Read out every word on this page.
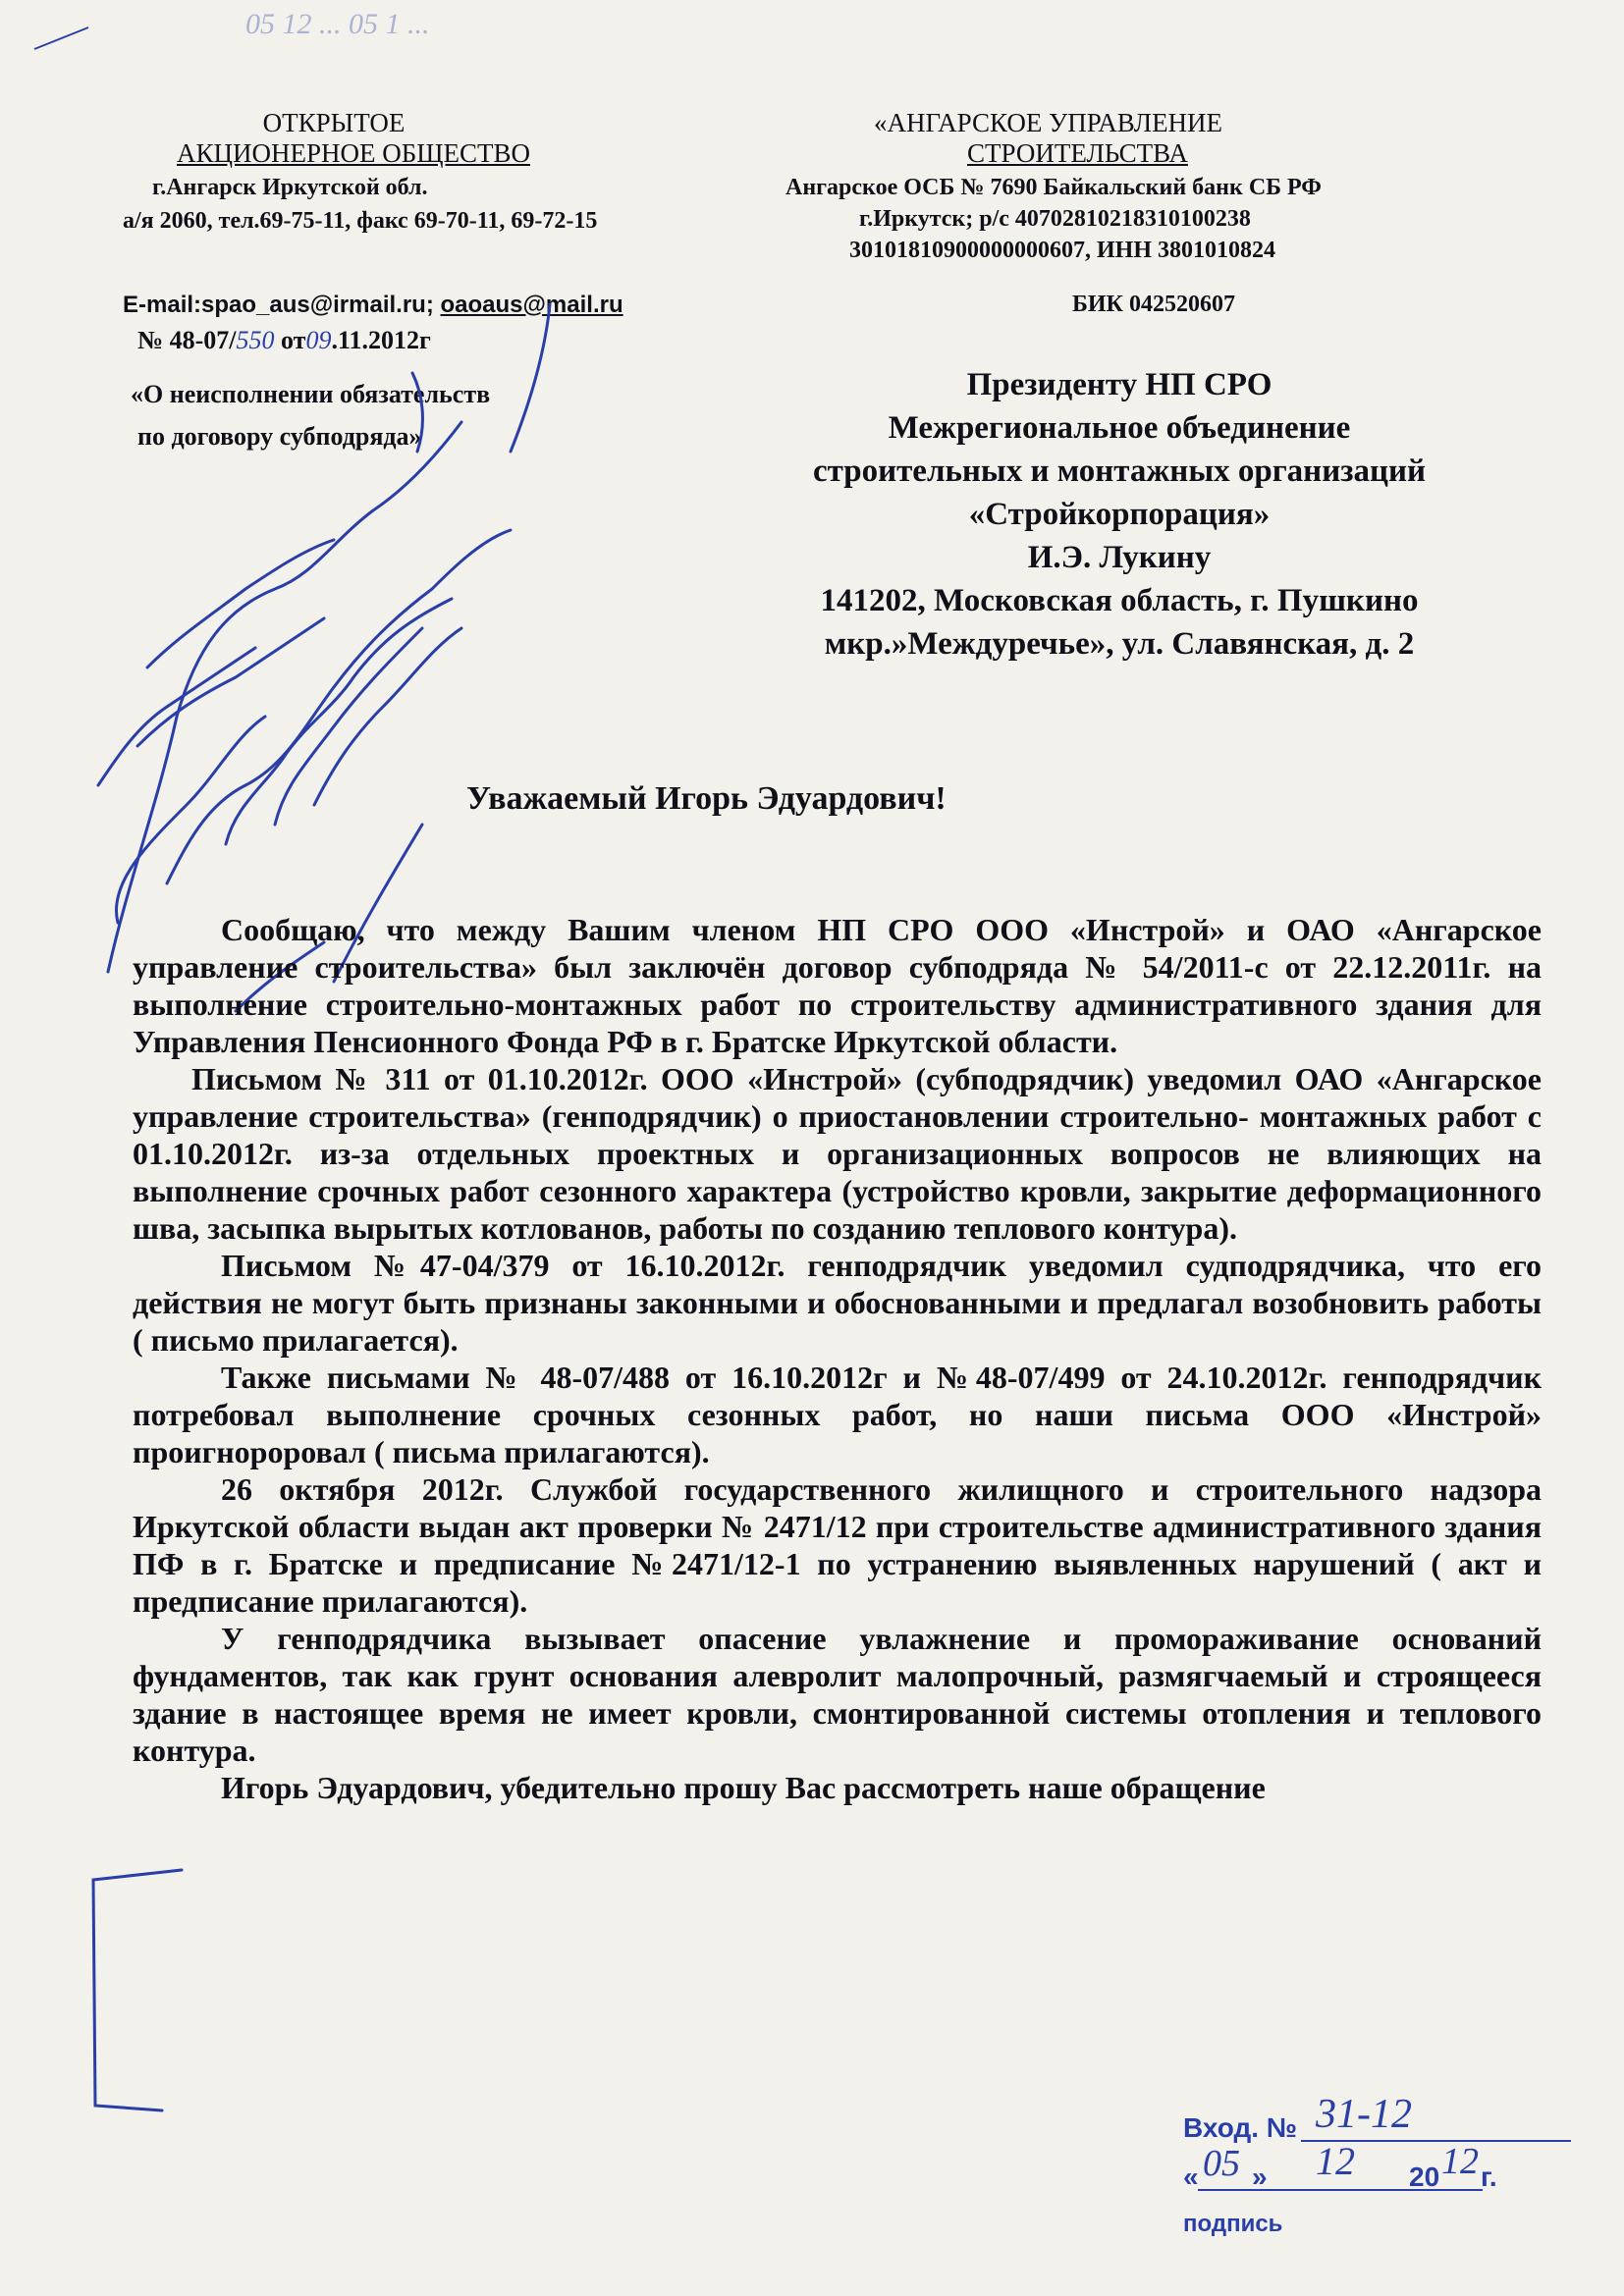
05 12 ... 05 1 ...
ОТКРЫТОЕ
АКЦИОНЕРНОЕ ОБЩЕСТВО
г.Ангарск Иркутской обл.
а/я 2060, тел.69-75-11, факс 69-70-11, 69-72-15
E-mail:spao_aus@irmail.ru; oaoaus@mail.ru
№ 48-07/550 от09.11.2012г
«О неисполнении обязательств
по договору субподряда»
«АНГАРСКОЕ УПРАВЛЕНИЕ
СТРОИТЕЛЬСТВА
Ангарское ОСБ № 7690 Байкальский банк СБ РФ
г.Иркутск; р/с 40702810218310100238
30101810900000000607, ИНН 3801010824
БИК 042520607
Президенту НП СРО
Межрегиональное объединение
строительных и монтажных организаций
«Стройкорпорация»
И.Э. Лукину
141202, Московская область, г. Пушкино
мкр.»Междуречье», ул. Славянская, д. 2
Уважаемый Игорь Эдуардович!

Сообщаю, что между Вашим членом НП СРО ООО «Инстрой» и ОАО «Ангарское управление строительства» был заключён договор субподряда № 54/2011-с от 22.12.2011г. на выполнение строительно-монтажных работ по строительству административного здания для Управления Пенсионного Фонда РФ в г. Братске Иркутской области.

Письмом № 311 от 01.10.2012г. ООО «Инстрой» (субподрядчик) уведомил ОАО «Ангарское управление строительства» (генподрядчик) о приостановлении строительно- монтажных работ с 01.10.2012г. из-за отдельных проектных и организационных вопросов не влияющих на выполнение срочных работ сезонного характера (устройство кровли, закрытие деформационного шва, засыпка вырытых котлованов, работы по созданию теплового контура).

Письмом №47-04/379 от 16.10.2012г. генподрядчик уведомил судподрядчика, что его действия не могут быть признаны законными и обоснованными и предлагал возобновить работы ( письмо прилагается).

Также письмами № 48-07/488 от 16.10.2012г и №48-07/499 от 24.10.2012г. генподрядчик потребовал выполнение срочных сезонных работ, но наши письма ООО «Инстрой» проигнороровал ( письма прилагаются).

26 октября 2012г. Службой государственного жилищного и строительного надзора Иркутской области выдан акт проверки № 2471/12 при строительстве административного здания ПФ в г. Братске и предписание №2471/12-1 по устранению выявленных нарушений ( акт и предписание прилагаются).

У генподрядчика вызывает опасение увлажнение и промораживание оснований фундаментов, так как грунт основания алевролит малопрочный, размягчаемый и строящееся здание в настоящее время не имеет кровли, смонтированной системы отопления и теплового контура.

Игорь Эдуардович, убедительно прошу Вас рассмотреть наше обращение

Вход. № 31-12
« 05 » 12 20 12 г.
подпись
